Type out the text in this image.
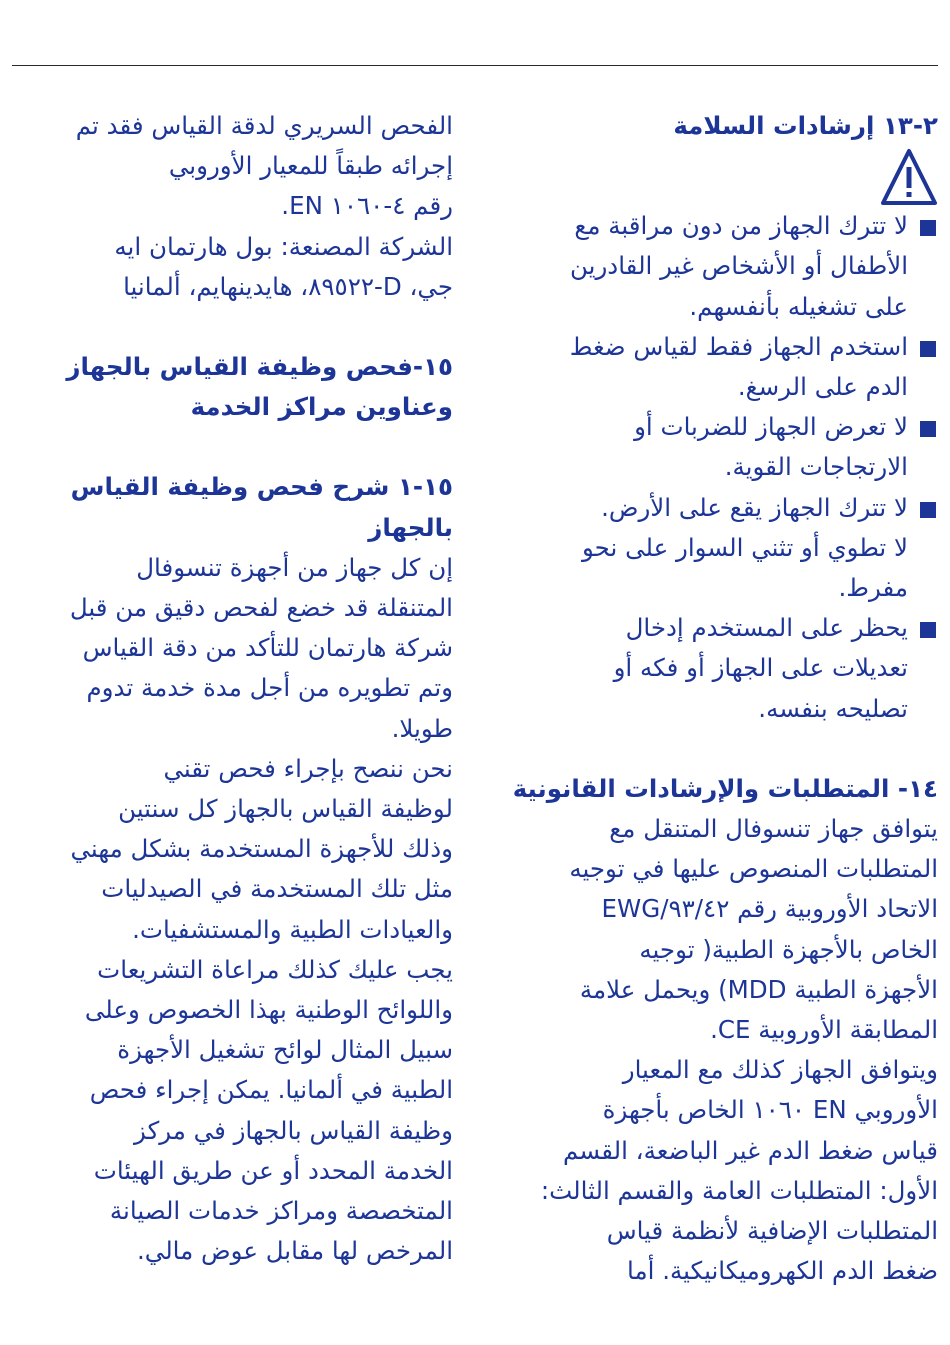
٢-١٣ إرشادات السلامة
لا تترك الجهاز من دون مراقبة مع
الأطفال أو الأشخاص غير القادرين
على تشغيله بأنفسهم.
استخدم الجهاز فقط لقياس ضغط
الدم على الرسغ.
لا تعرض الجهاز للضربات أو
الارتجاجات القوية.
لا تترك الجهاز يقع على الأرض.
لا تطوي أو تثني السوار على نحو
مفرط.
يحظر على المستخدم إدخال
تعديلات على الجهاز أو فكه أو
تصليحه بنفسه.
١٤- المتطلبات والإرشادات القانونية
يتوافق جهاز تنسوفال المتنقل مع
المتطلبات المنصوص عليها في توجيه
الاتحاد الأوروبية رقم ٩٣/٤٢/EWG
الخاص بالأجهزة الطبية( توجيه
الأجهزة الطبية MDD) ويحمل علامة
المطابقة الأوروبية CE.
ويتوافق الجهاز كذلك مع المعيار
الأوروبي EN ١٠٦٠ الخاص بأجهزة
قياس ضغط الدم غير الباضعة، القسم
الأول: المتطلبات العامة والقسم الثالث:
المتطلبات الإضافية لأنظمة قياس
ضغط الدم الكهروميكانيكية. أما
الفحص السريري لدقة القياس فقد تم
إجرائه طبقاً للمعيار الأوروبي
رقم ٤-١٠٦٠ EN.
الشركة المصنعة: بول هارتمان ايه
جي، D-٨٩٥٢٢، هايدينهايم، ألمانيا
١٥-فحص وظيفة القياس بالجهاز
وعناوين مراكز الخدمة
١٥-١ شرح فحص وظيفة القياس
بالجهاز
إن كل جهاز من أجهزة تنسوفال
المتنقلة قد خضع لفحص دقيق من قبل
شركة هارتمان للتأكد من دقة القياس
وتم تطويره من أجل مدة خدمة تدوم
طويلا.
نحن ننصح بإجراء فحص تقني
لوظيفة القياس بالجهاز كل سنتين
وذلك للأجهزة المستخدمة بشكل مهني
مثل تلك المستخدمة في الصيدليات
والعيادات الطبية والمستشفيات.
يجب عليك كذلك مراعاة التشريعات
واللوائح الوطنية بهذا الخصوص وعلى
سبيل المثال لوائح تشغيل الأجهزة
الطبية في ألمانيا. يمكن إجراء فحص
وظيفة القياس بالجهاز في مركز
الخدمة المحدد أو عن طريق الهيئات
المتخصصة ومراكز خدمات الصيانة
المرخص لها مقابل عوض مالي.
